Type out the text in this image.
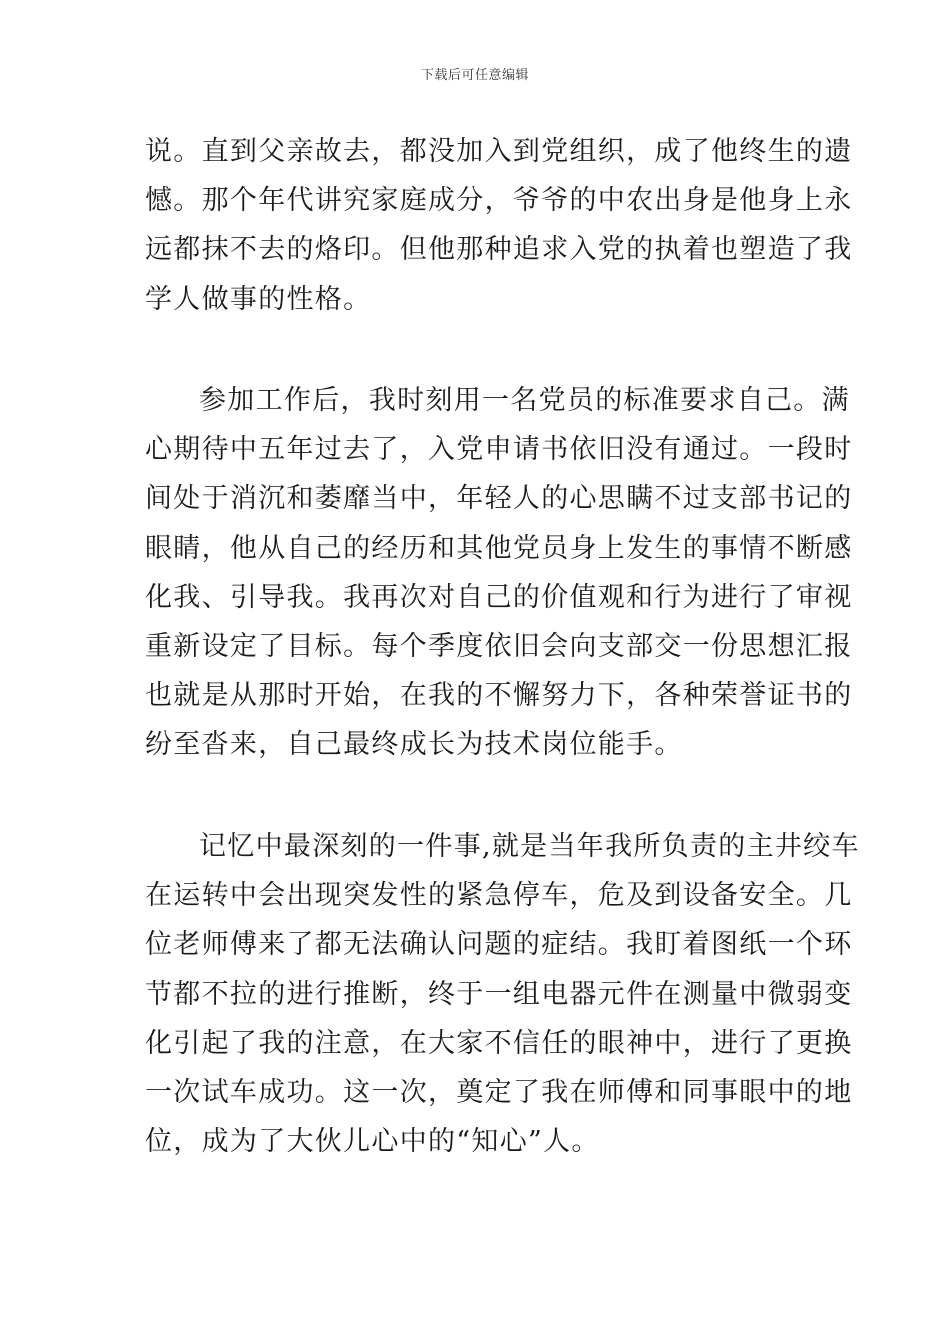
下载后可任意编辑

说。直到父亲故去，都没加入到党组织，成了他终生的遗
憾。那个年代讲究家庭成分，爷爷的中农出身是他身上永
远都抹不去的烙印。但他那种追求入党的执着也塑造了我
学人做事的性格。

参加工作后，我时刻用一名党员的标准要求自己。满
心期待中五年过去了，入党申请书依旧没有通过。一段时
间处于消沉和萎靡当中，年轻人的心思瞒不过支部书记的
眼睛，他从自己的经历和其他党员身上发生的事情不断感
化我、引导我。我再次对自己的价值观和行为进行了审视
重新设定了目标。每个季度依旧会向支部交一份思想汇报
也就是从那时开始，在我的不懈努力下，各种荣誉证书的
纷至沓来，自己最终成长为技术岗位能手。

记忆中最深刻的一件事,就是当年我所负责的主井绞车
在运转中会出现突发性的紧急停车，危及到设备安全。几
位老师傅来了都无法确认问题的症结。我盯着图纸一个环
节都不拉的进行推断，终于一组电器元件在测量中微弱变
化引起了我的注意，在大家不信任的眼神中，进行了更换
一次试车成功。这一次，奠定了我在师傅和同事眼中的地
位，成为了大伙儿心中的“知心”人。
